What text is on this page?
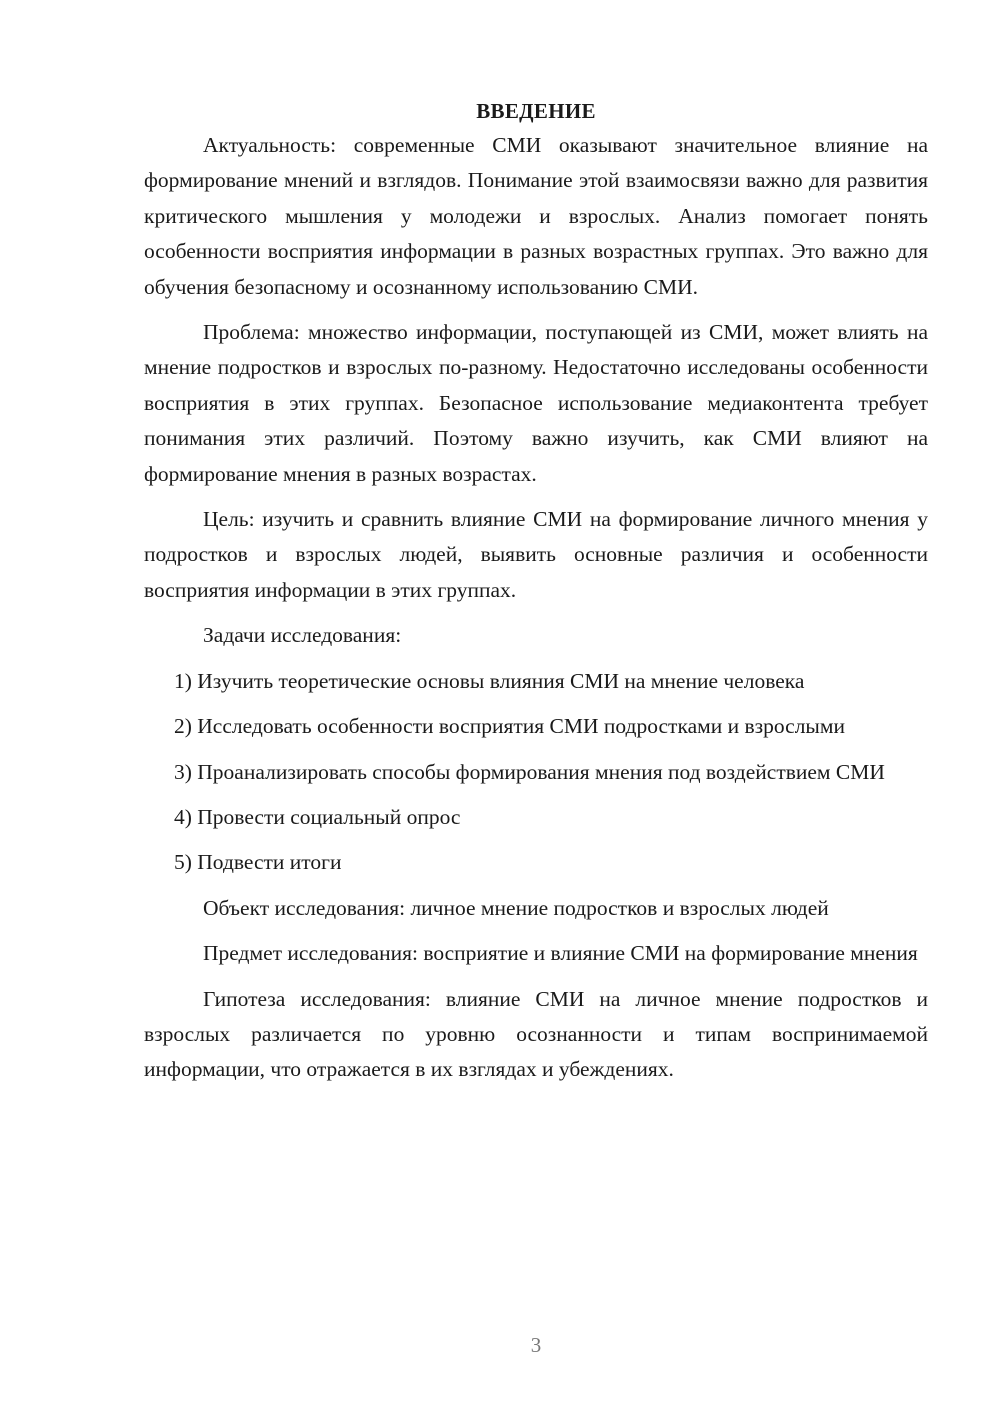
ВВЕДЕНИЕ

Актуальность: современные СМИ оказывают значительное влияние на формирование мнений и взглядов. Понимание этой взаимосвязи важно для развития критического мышления у молодежи и взрослых. Анализ помогает понять особенности восприятия информации в разных возрастных группах. Это важно для обучения безопасному и осознанному использованию СМИ.

Проблема: множество информации, поступающей из СМИ, может влиять на мнение подростков и взрослых по-разному. Недостаточно исследованы особенности восприятия в этих группах. Безопасное использование медиаконтента требует понимания этих различий. Поэтому важно изучить, как СМИ влияют на формирование мнения в разных возрастах.

Цель: изучить и сравнить влияние СМИ на формирование личного мнения у подростков и взрослых людей, выявить основные различия и особенности восприятия информации в этих группах.

Задачи исследования:

1) Изучить теоретические основы влияния СМИ на мнение человека

2) Исследовать особенности восприятия СМИ подростками и взрослыми

3) Проанализировать способы формирования мнения под воздействием СМИ

4) Провести социальный опрос

5) Подвести итоги

Объект исследования: личное мнение подростков и взрослых людей

Предмет исследования: восприятие и влияние СМИ на формирование мнения

Гипотеза исследования: влияние СМИ на личное мнение подростков и взрослых различается по уровню осознанности и типам воспринимаемой информации, что отражается в их взглядах и убеждениях.

3
